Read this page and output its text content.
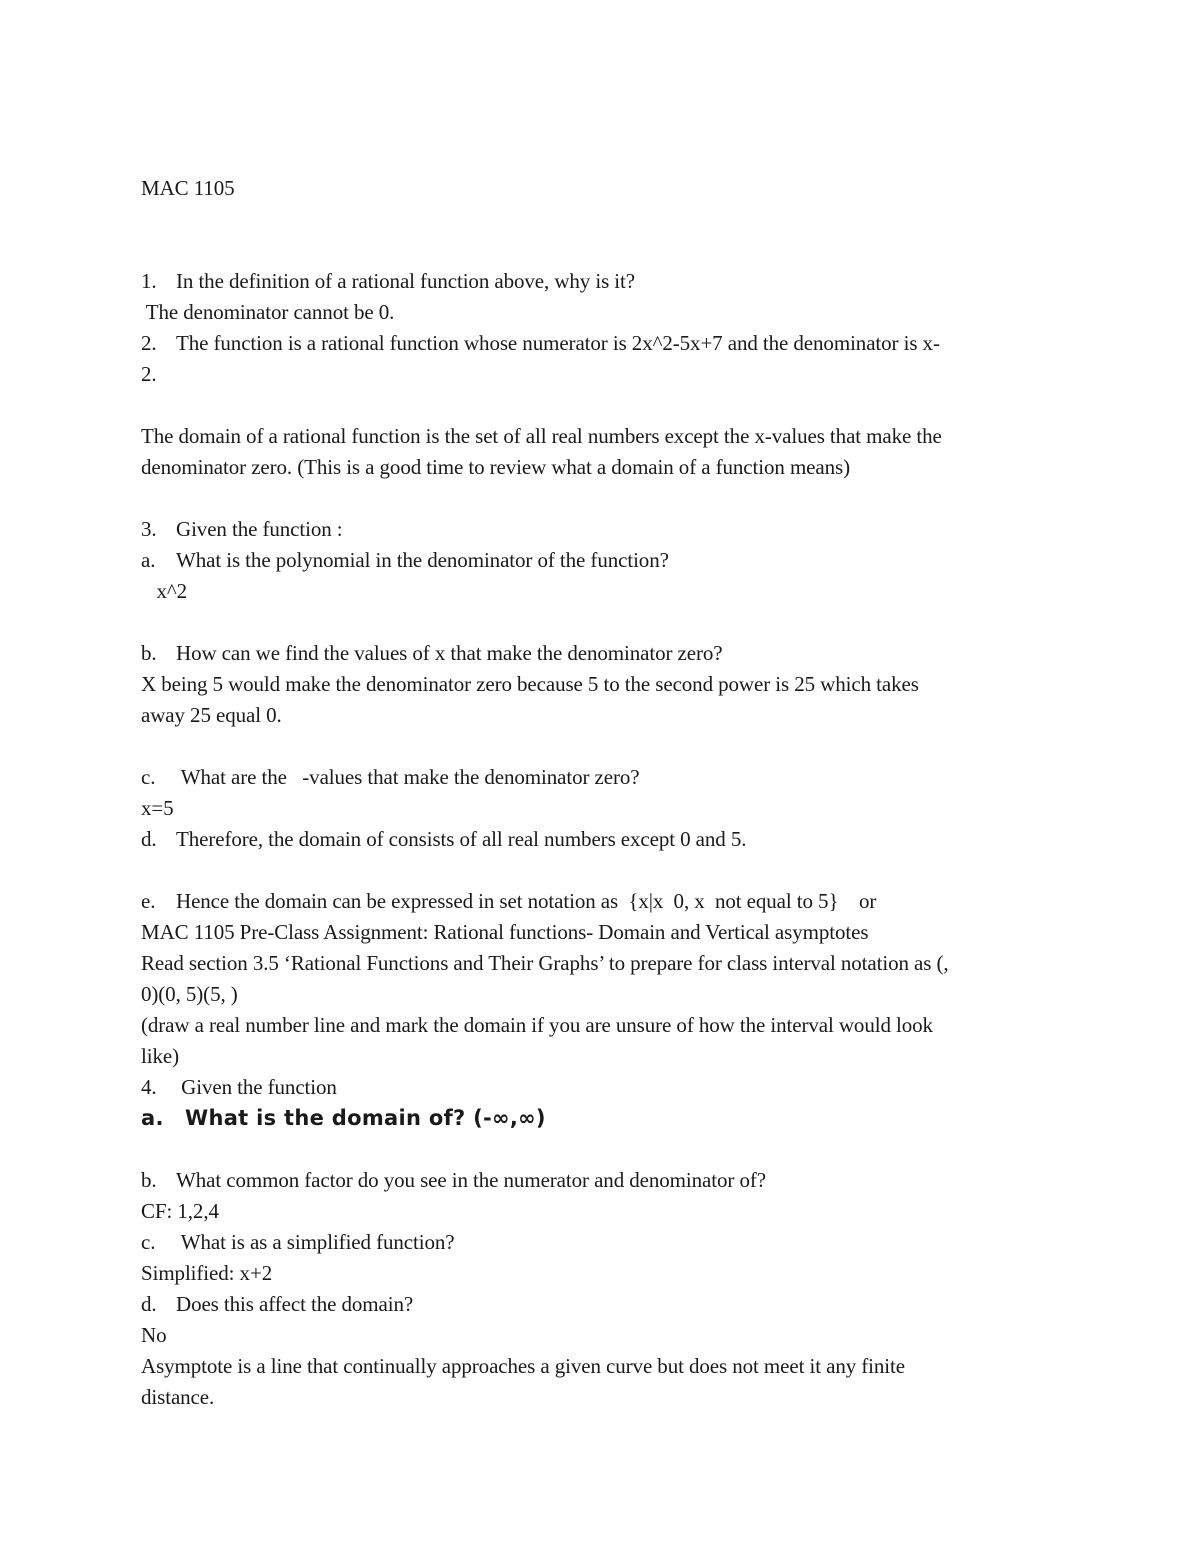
MAC 1105
1. In the definition of a rational function above, why is it?
The denominator cannot be 0.
2. The function is a rational function whose numerator is 2x^2-5x+7 and the denominator is x-
2.
The domain of a rational function is the set of all real numbers except the x-values that make the
denominator zero. (This is a good time to review what a domain of a function means)
3. Given the function :
a. What is the polynomial in the denominator of the function?
x^2
b. How can we find the values of x that make the denominator zero?
X being 5 would make the denominator zero because 5 to the second power is 25 which takes
away 25 equal 0.
c. What are the   -values that make the denominator zero?
x=5
d. Therefore, the domain of consists of all real numbers except 0 and 5.
e. Hence the domain can be expressed in set notation as  {x|x  0, x  not equal to 5}    or
MAC 1105 Pre-Class Assignment: Rational functions- Domain and Vertical asymptotes
Read section 3.5 ‘Rational Functions and Their Graphs’ to prepare for class interval notation as (,
0)(0, 5)(5, )
(draw a real number line and mark the domain if you are unsure of how the interval would look
like)
4. Given the function
a. What is the domain of? (-∞,∞)
b. What common factor do you see in the numerator and denominator of?
CF: 1,2,4
c. What is as a simplified function?
Simplified: x+2
d. Does this affect the domain?
No
Asymptote is a line that continually approaches a given curve but does not meet it any finite
distance.
